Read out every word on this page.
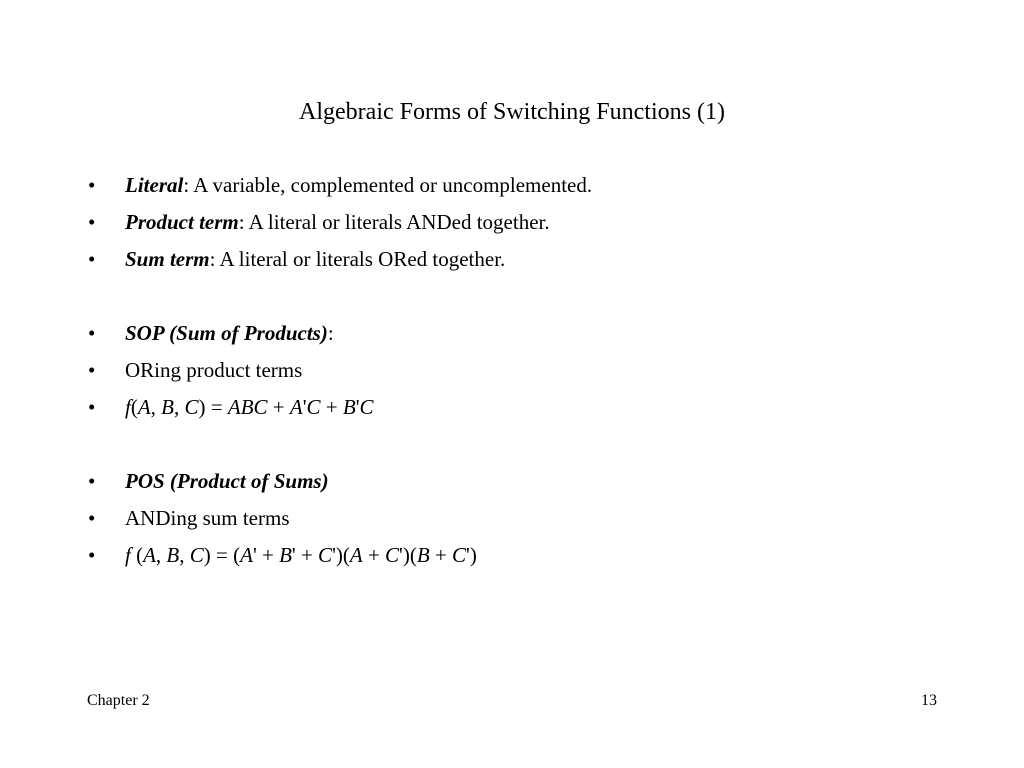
Algebraic Forms of Switching Functions (1)
• Literal: A variable, complemented or uncomplemented.
• Product term: A literal or literals ANDed together.
• Sum term: A literal or literals ORed together.
• SOP (Sum of Products):
• ORing product terms
• f(A, B, C) = ABC + A'C + B'C
• POS (Product of Sums)
• ANDing sum terms
• f (A, B, C) = (A' + B' + C')(A + C')(B + C')
Chapter 2	13
